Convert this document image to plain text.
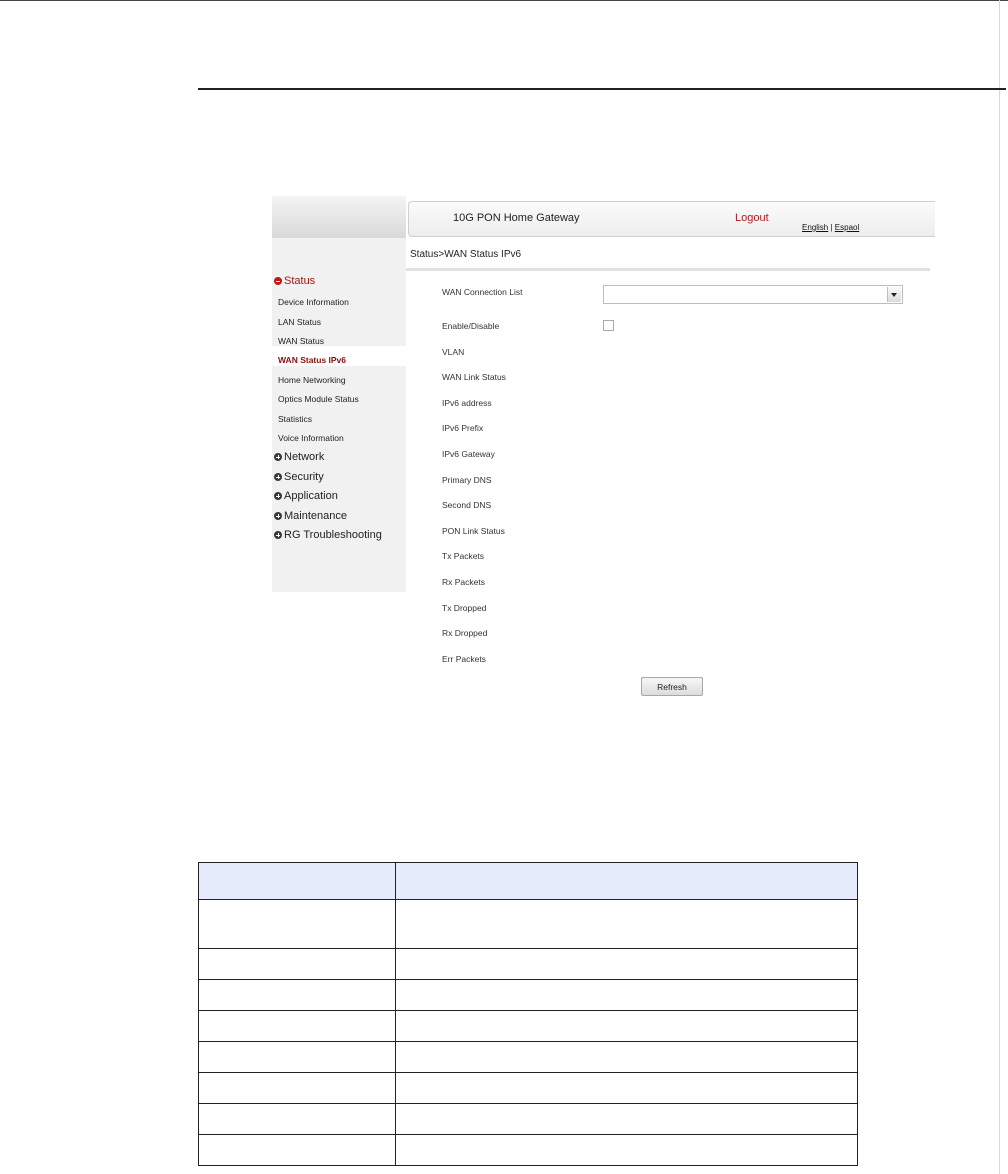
10G PON Home Gateway	Logout
English | Espaol
Status>WAN Status IPv6
Status
Device Information
LAN Status
WAN Status
WAN Status IPv6
Home Networking
Optics Module Status
Statistics
Voice Information
Network
Security
Application
Maintenance
RG Troubleshooting
WAN Connection List
Enable/Disable
VLAN
WAN Link Status
IPv6 address
IPv6 Prefix
IPv6 Gateway
Primary DNS
Second DNS
PON Link Status
Tx Packets
Rx Packets
Tx Dropped
Rx Dropped
Err Packets
Refresh
